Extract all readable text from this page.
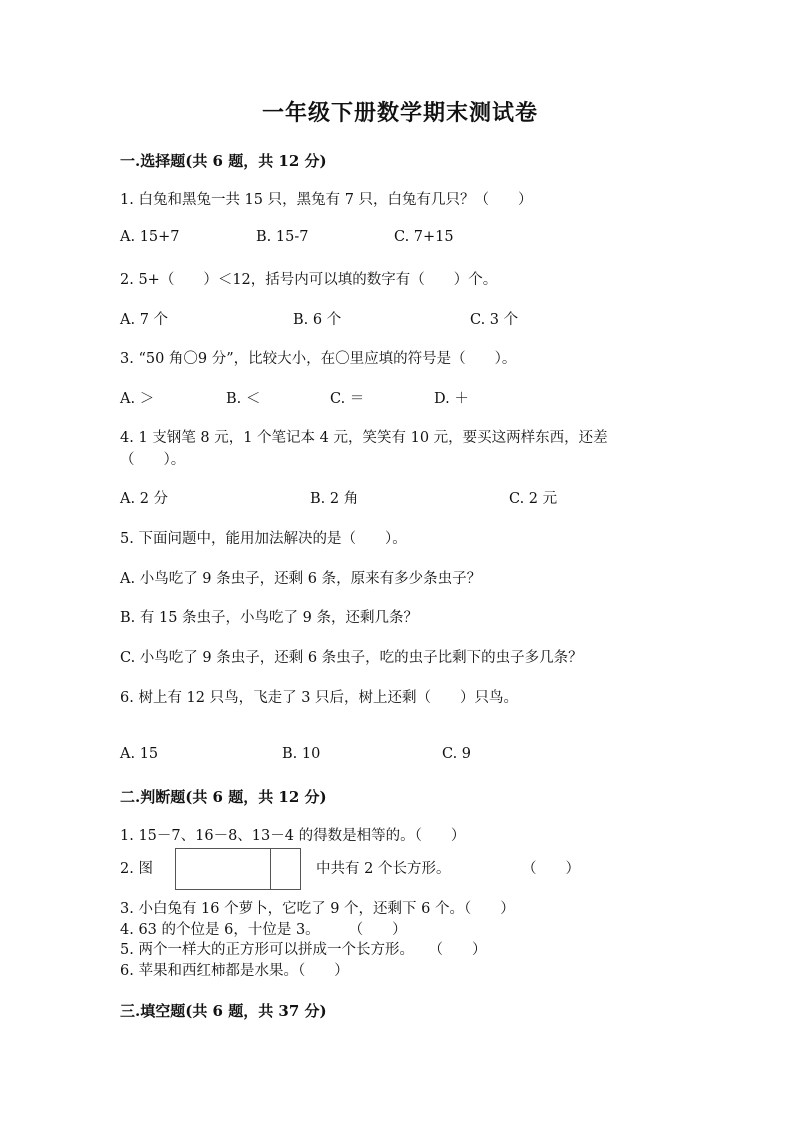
一年级下册数学期末测试卷
一.选择题(共 6 题，共 12 分)
1. 白兔和黑兔一共 15 只，黑兔有 7 只，白兔有几只？（　　）
A. 15+7	B. 15-7	C. 7+15
2. 5+（　　）＜12，括号内可以填的数字有（　　）个。
A. 7 个	B. 6 个	C. 3 个
3. “50 角〇9 分”，比较大小，在〇里应填的符号是（　　）。
A. ＞	B. ＜	C. ＝	D. ＋
4. 1 支钢笔 8 元，1 个笔记本 4 元，笑笑有 10 元，要买这两样东西，还差
（　　）。
A. 2 分	B. 2 角	C. 2 元
5. 下面问题中，能用加法解决的是（　　）。
A. 小鸟吃了 9 条虫子，还剩 6 条，原来有多少条虫子？
B. 有 15 条虫子，小鸟吃了 9 条，还剩几条？
C. 小鸟吃了 9 条虫子，还剩 6 条虫子，吃的虫子比剩下的虫子多几条？
6. 树上有 12 只鸟，飞走了 3 只后，树上还剩（　　）只鸟。
A. 15	B. 10	C. 9
二.判断题(共 6 题，共 12 分)
1. 15－7、16－8、13－4 的得数是相等的。（　　）
2. 图	中共有 2 个长方形。	（　　）
3. 小白兔有 16 个萝卜，它吃了 9 个，还剩下 6 个。（　　）
4. 63 的个位是 6，十位是 3。　　　（　　）
5. 两个一样大的正方形可以拼成一个长方形。　　（　　）
6. 苹果和西红柿都是水果。（　　）
三.填空题(共 6 题，共 37 分)
